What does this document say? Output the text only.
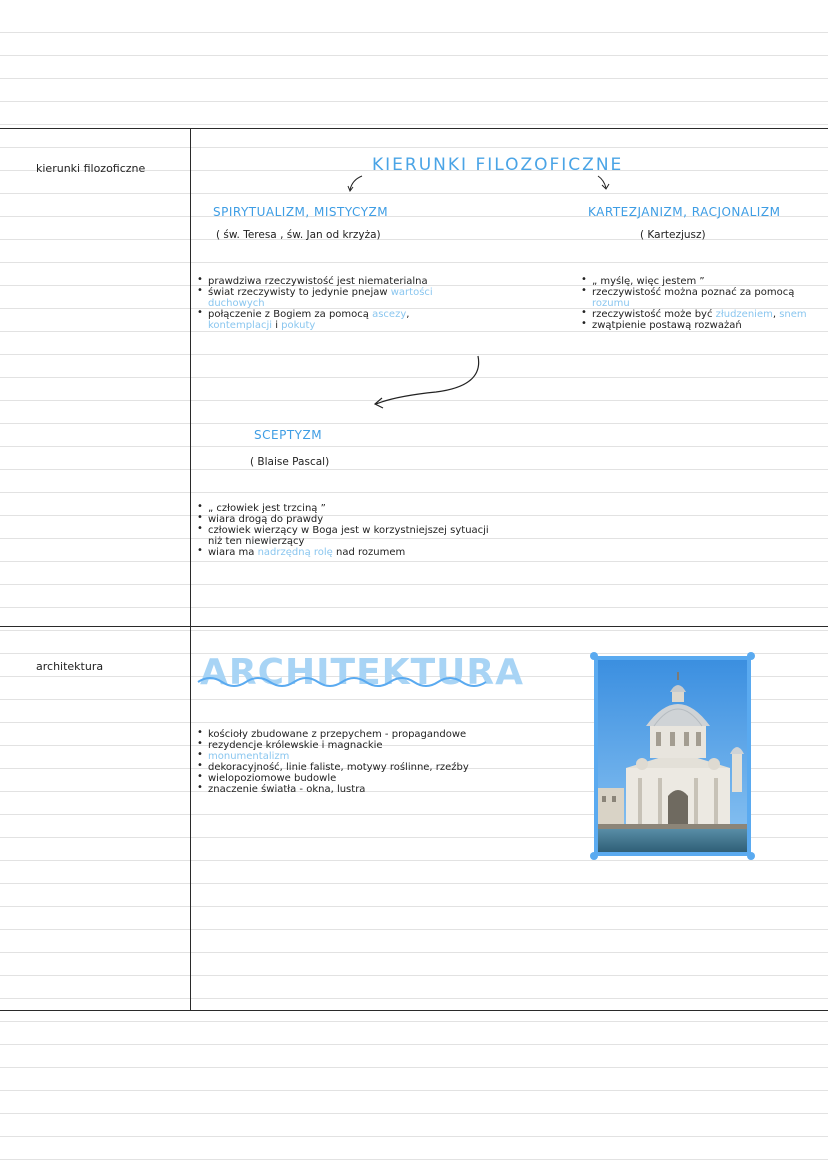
kierunki filozoficzne	KIERUNKI FILOZOFICZNE
SPIRYTUALIZM, MISTYCYZM
( św. Teresa , św. Jan od krzyża)
• prawdziwa rzeczywistość jest niematerialna
• świat rzeczywisty to jedynie pnejaw wartości duchowych
• połączenie z Bogiem za pomocą ascezy, kontemplacji i pokuty
KARTEZJANIZM, RACJONALIZM
( Kartezjusz)
• „ myślę, więc jestem ”
• rzeczywistość można poznać za pomocą rozumu
• rzeczywistość może być złudzeniem, snem
• zwątpienie postawą rozważań
SCEPTYZM
( Blaise Pascal)
• „ człowiek jest trzciną ”
• wiara drogą do prawdy
• człowiek wierzący w Boga jest w korzystniejszej sytuacji niż ten niewierzący
• wiara ma nadrzędną rolę nad rozumem
architektura	ARCHITEKTURA
• kościoły zbudowane z przepychem - propagandowe
• rezydencje królewskie i magnackie
• monumentalizm
• dekoracyjność, linie faliste, motywy roślinne, rzeźby
• wielopoziomowe budowle
• znaczenie światła - okna, lustra
